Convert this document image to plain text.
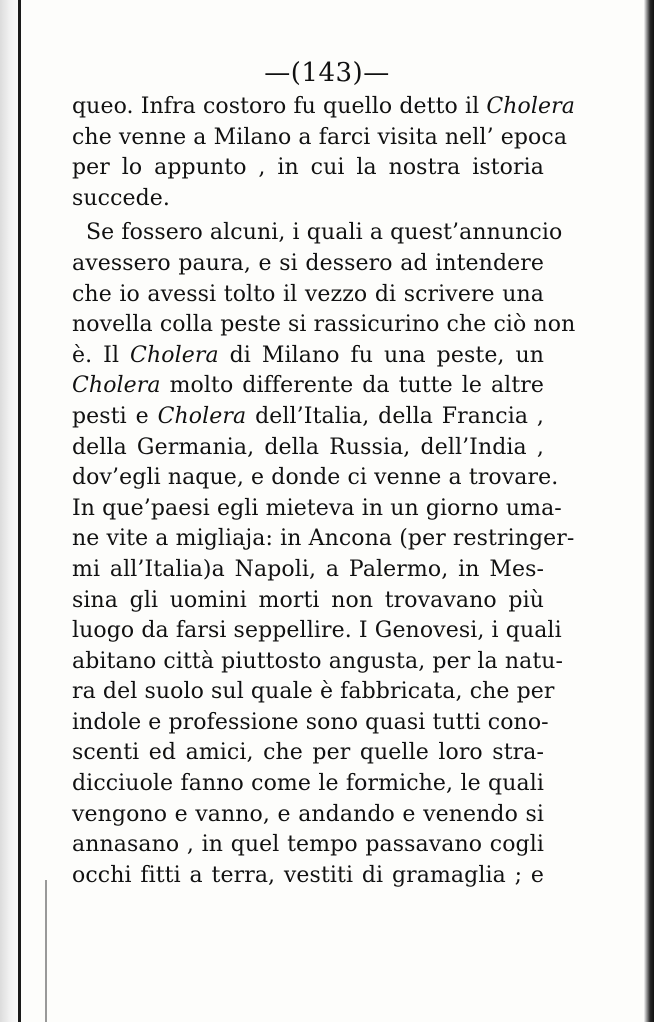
—(143)—
queo. Infra costoro fu quello detto il Cholera
che venne a Milano a farci visita nell’ epoca
per lo appunto , in cui la nostra istoria
succede.
Se fossero alcuni, i quali a quest’annuncio
avessero paura, e si dessero ad intendere
che io avessi tolto il vezzo di scrivere una
novella colla peste si rassicurino che ciò non
è. Il Cholera di Milano fu una peste, un
Cholera molto differente da tutte le altre
pesti e Cholera dell’Italia, della Francia ,
della Germania, della Russia, dell’India ,
dov’egli naque, e donde ci venne a trovare.
In que’paesi egli mieteva in un giorno uma-
ne vite a migliaja: in Ancona (per restringer-
mi all’Italia)a Napoli, a Palermo, in Mes-
sina gli uomini morti non trovavano più
luogo da farsi seppellire. I Genovesi, i quali
abitano città piuttosto angusta, per la natu-
ra del suolo sul quale è fabbricata, che per
indole e professione sono quasi tutti cono-
scenti ed amici, che per quelle loro stra-
dicciuole fanno come le formiche, le quali
vengono e vanno, e andando e venendo si
annasano , in quel tempo passavano cogli
occhi fitti a terra, vestiti di gramaglia ; e
